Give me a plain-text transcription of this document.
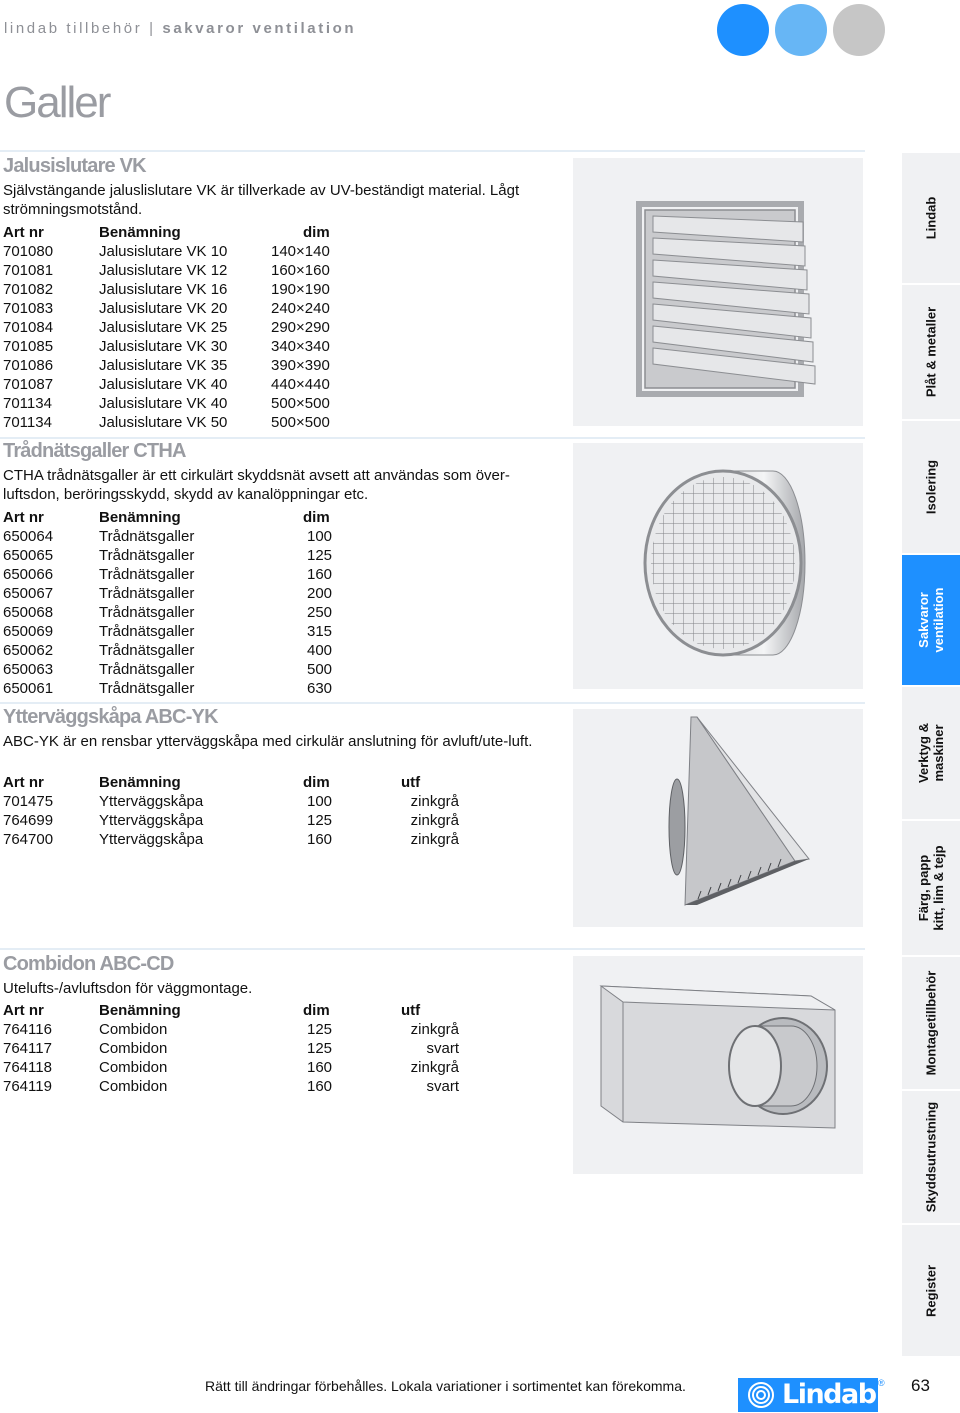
lindab tillbehör | sakvaror ventilation
Galler
Jalusislutare VK
Självstängande jaluslislutare VK är tillverkade av UV-beständigt material. Lågt strömningsmotstånd.
Art nr	Benämning	dim
701080	Jalusislutare VK 10	140×140
701081	Jalusislutare VK 12	160×160
701082	Jalusislutare VK 16	190×190
701083	Jalusislutare VK 20	240×240
701084	Jalusislutare VK 25	290×290
701085	Jalusislutare VK 30	340×340
701086	Jalusislutare VK 35	390×390
701087	Jalusislutare VK 40	440×440
701134	Jalusislutare VK 40	500×500
701134	Jalusislutare VK 50	500×500
Trådnätsgaller CTHA
CTHA trådnätsgaller är ett cirkulärt skyddsnät avsett att användas som över-luftsdon, beröringsskydd, skydd av kanalöppningar etc.
Art nr	Benämning	dim
650064	Trådnätsgaller	100
650065	Trådnätsgaller	125
650066	Trådnätsgaller	160
650067	Trådnätsgaller	200
650068	Trådnätsgaller	250
650069	Trådnätsgaller	315
650062	Trådnätsgaller	400
650063	Trådnätsgaller	500
650061	Trådnätsgaller	630
Ytterväggskåpa ABC-YK
ABC-YK är en rensbar ytterväggskåpa med cirkulär anslutning för avluft/ute-luft.
Art nr	Benämning	dim	utf
701475	Ytterväggskåpa	100	zinkgrå
764699	Ytterväggskåpa	125	zinkgrå
764700	Ytterväggskåpa	160	zinkgrå
Combidon ABC-CD
Utelufts-/avluftsdon för väggmontage.
Art nr	Benämning	dim	utf
764116	Combidon	125	zinkgrå
764117	Combidon	125	svart
764118	Combidon	160	zinkgrå
764119	Combidon	160	svart
Lindab
Plåt & metaller
Isolering
Sakvaror
ventilation
Verktyg &
maskiner
Färg, papp
kitt, lim & tejp
Montagetillbehör
Skyddsutrustning
Register
Rätt till ändringar förbehålles. Lokala variationer i sortimentet kan förekomma.	Lindab ® 63
